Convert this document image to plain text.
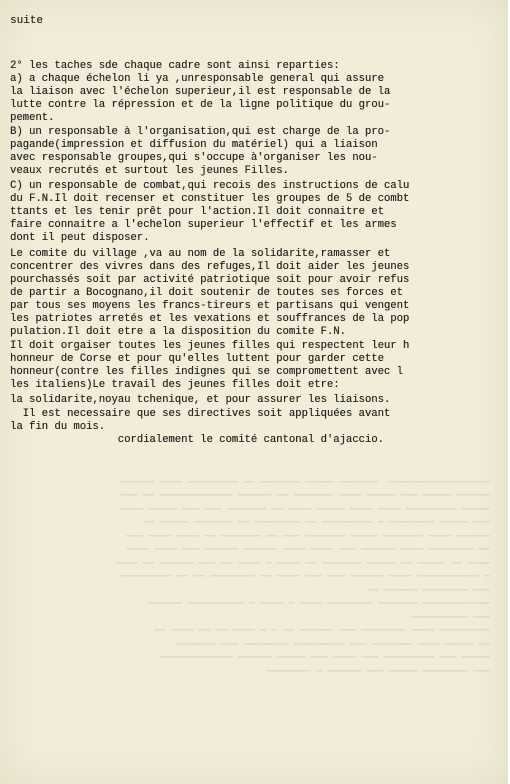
──────────────────  ─────── ───── ─────── ── ───────── ──── ──────
────── ───── ─── ───── ──── ─────── ── ────── ───────────── ── ───
───── ───────── ──── ──── ───── ──── ── ─────── ─── ─── ───── ────
─── ───── ──────── ─ ───────── ── ──────── ── ─────── ───── ──
────── ──── ─────── ───── ─────── ─── ── ─────── ── ──── ──── ───
── ──────── ──── ────── ─── ──── ──── ────── ────── ─── ──── ────
──── ── ───── ── ───── ─────── ── ──── ─ ──── ── ─── ────── ── ────
─ ─────────── ──── ────── ─── ─── ──── ── ──────── ── ── ─────────
─── ──────── ────── ──
──────────── ─────── ──────── ──── ─ ──── ─ ────────── ──────
─── ──────────
───────── ──── ──────── ─── ────── ── ─ ─ ──── ── ── ──── ──
── ───── ──── ─────── ─── ───────── ──────── ─── ───────
───── ─── ───────── ─── ──── ─── ───── ────── ─────────────
─── ──────── ───── ─── ────── ─ ────────

suite
2° les taches sde chaque cadre sont ainsi reparties:
a) a chaque échelon li ya ,unresponsable general qui assure
la liaison avec l'échelon superieur,il est responsable de la
lutte contre la répression et de la ligne politique du grou-
pement.
B) un responsable à l'organisation,qui est charge de la pro-
pagande(impression et diffusion du matériel) qui a liaison
avec responsable groupes,qui s'occupe à'organiser les nou-
veaux recrutés et surtout les jeunes Filles.
C) un responsable de combat,qui recois des instructions de calu
du F.N.Il doit recenser et constituer les groupes de 5 de combt
ttants et les tenir prêt pour l'action.Il doit connaitre et
faire connaitre a l'echelon superieur l'effectif et les armes
dont il peut disposer.
Le comite du village ,va au nom de la solidarite,ramasser et
concentrer des vivres dans des refuges,Il doit aider les jeunes
pourchassés soit par activité patriotique soit pour avoir refus
de partir a Bocognano,il doit soutenir de toutes ses forces et
par tous ses moyens les francs-tireurs et partisans qui vengent
les patriotes arretés et les vexations et souffrances de la pop
pulation.Il doit etre a la disposition du comite F.N.
Il doit orgaiser toutes les jeunes filles qui respectent leur h
honneur de Corse et pour qu'elles luttent pour garder cette
honneur(contre les filles indignes qui se compromettent avec l
les italiens)Le travail des jeunes filles doit etre:
la solidarite,noyau tchenique, et pour assurer les liaisons.
Il est necessaire que ses directives soit appliquées avant
la fin du mois.
cordialement le comité cantonal d'ajaccio.
